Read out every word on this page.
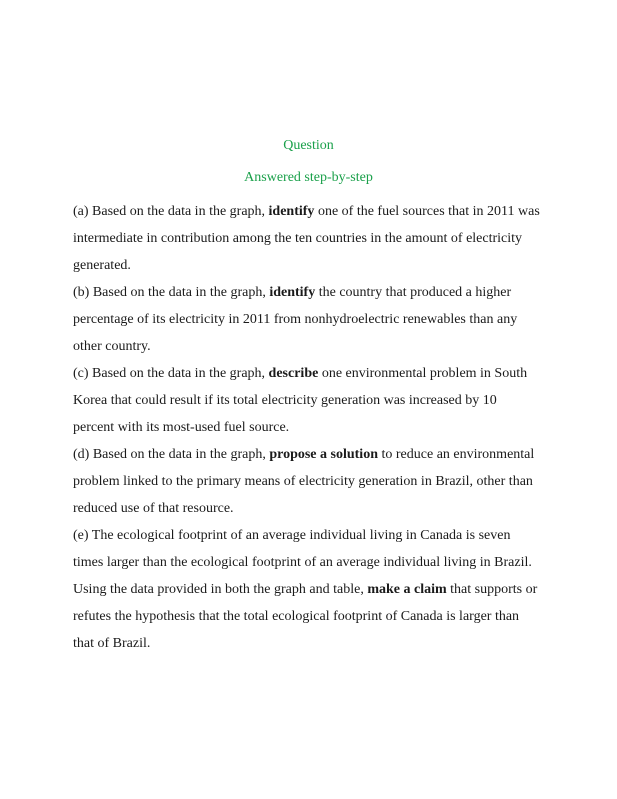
Question
Answered step-by-step

(a) Based on the data in the graph, identify one of the fuel sources that in 2011 was
intermediate in contribution among the ten countries in the amount of electricity
generated.

(b) Based on the data in the graph, identify the country that produced a higher
percentage of its electricity in 2011 from nonhydroelectric renewables than any
other country.

(c) Based on the data in the graph, describe one environmental problem in South
Korea that could result if its total electricity generation was increased by 10
percent with its most-used fuel source.

(d) Based on the data in the graph, propose a solution to reduce an environmental
problem linked to the primary means of electricity generation in Brazil, other than
reduced use of that resource.

(e) The ecological footprint of an average individual living in Canada is seven
times larger than the ecological footprint of an average individual living in Brazil.
Using the data provided in both the graph and table, make a claim that supports or
refutes the hypothesis that the total ecological footprint of Canada is larger than
that of Brazil.
